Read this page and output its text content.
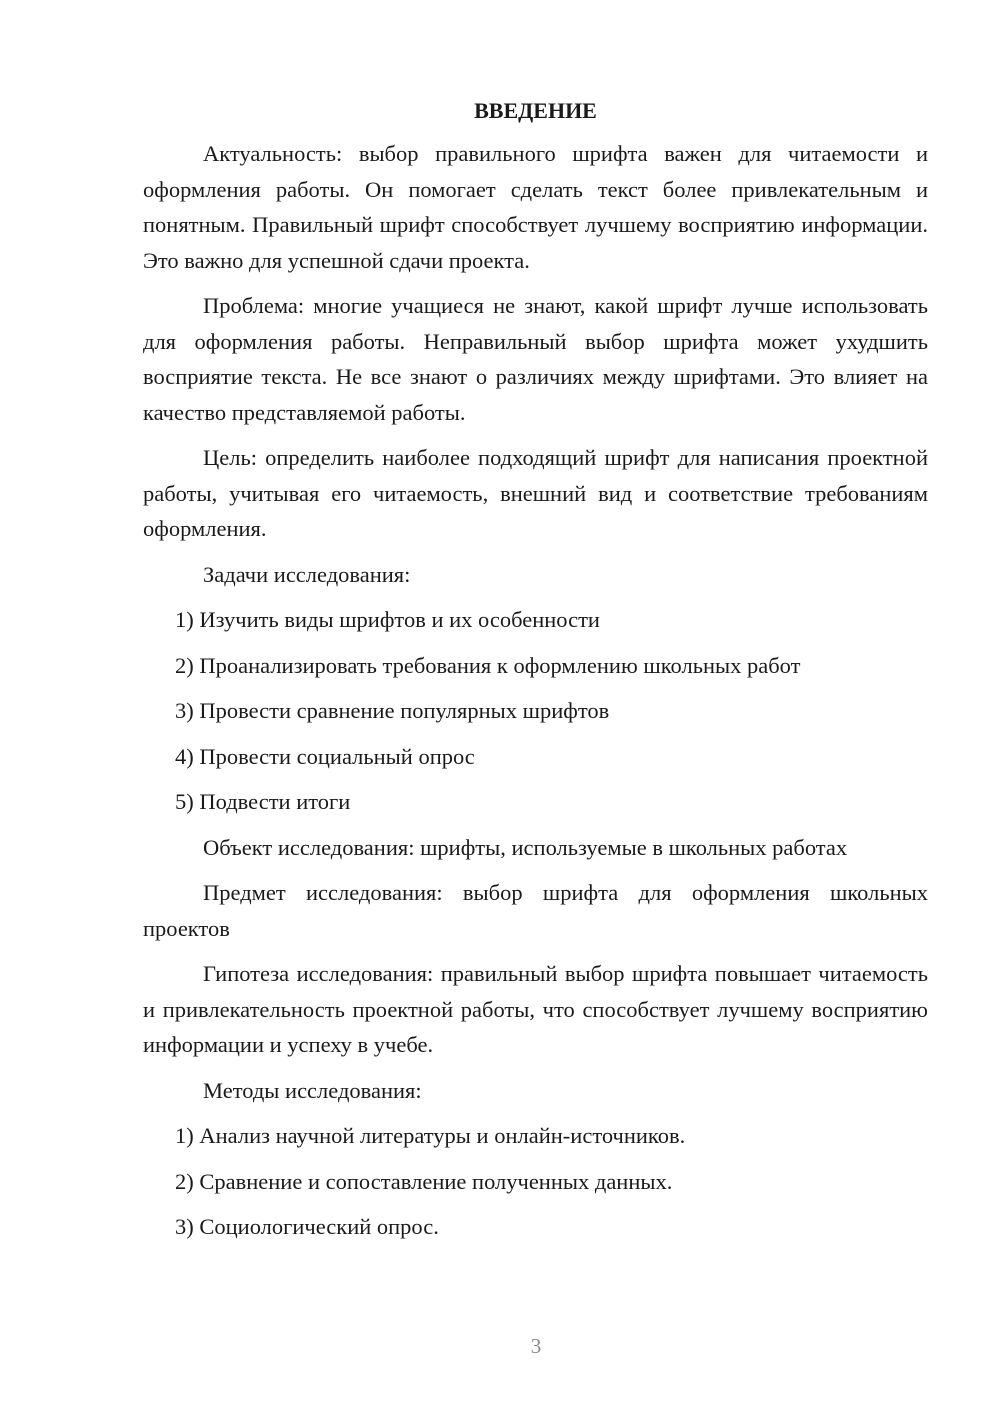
ВВЕДЕНИЕ

Актуальность: выбор правильного шрифта важен для читаемости и оформления работы. Он помогает сделать текст более привлекательным и понятным. Правильный шрифт способствует лучшему восприятию информации. Это важно для успешной сдачи проекта.

Проблема: многие учащиеся не знают, какой шрифт лучше использовать для оформления работы. Неправильный выбор шрифта может ухудшить восприятие текста. Не все знают о различиях между шрифтами. Это влияет на качество представляемой работы.

Цель: определить наиболее подходящий шрифт для написания проектной работы, учитывая его читаемость, внешний вид и соответствие требованиям оформления.

Задачи исследования:

1) Изучить виды шрифтов и их особенности
2) Проанализировать требования к оформлению школьных работ
3) Провести сравнение популярных шрифтов
4) Провести социальный опрос
5) Подвести итоги

Объект исследования: шрифты, используемые в школьных работах

Предмет исследования: выбор шрифта для оформления школьных проектов

Гипотеза исследования: правильный выбор шрифта повышает читаемость и привлекательность проектной работы, что способствует лучшему восприятию информации и успеху в учебе.

Методы исследования:

1) Анализ научной литературы и онлайн-источников.
2) Сравнение и сопоставление полученных данных.
3) Социологический опрос.
3
